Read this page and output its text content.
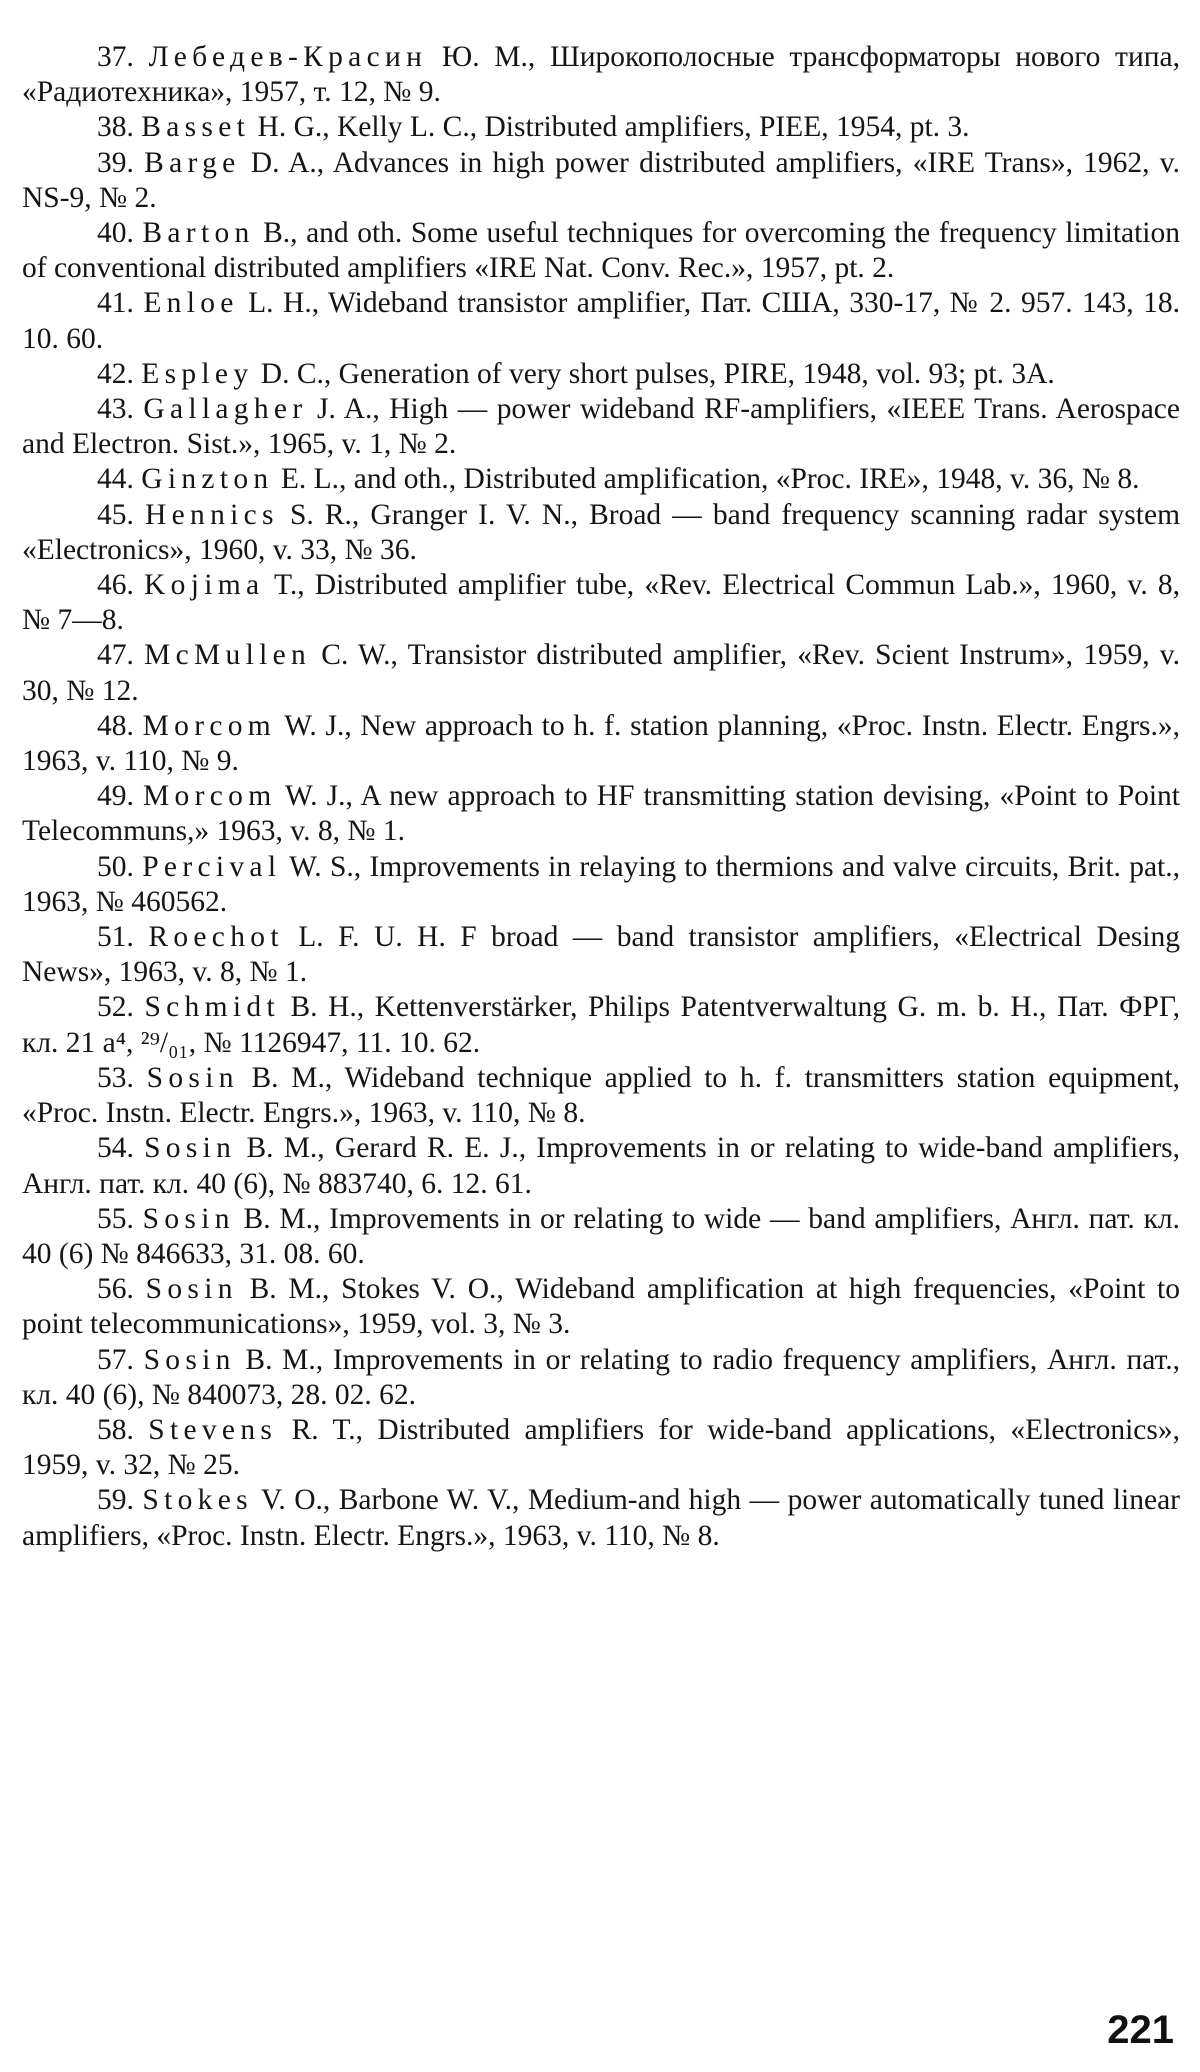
37. Лебедев-Красин Ю. М., Широкополосные трансформаторы нового типа, «Радиотехника», 1957, т. 12, № 9.

38. Basset H. G., Kelly L. C., Distributed amplifiers, PIEE, 1954, pt. 3.

39. Barge D. A., Advances in high power distributed amplifiers, «IRE Trans», 1962, v. NS-9, № 2.

40. Barton B., and oth. Some useful techniques for overcoming the frequency limitation of conventional distributed amplifiers «IRE Nat. Conv. Rec.», 1957, pt. 2.

41. Enloe L. H., Wideband transistor amplifier, Пат. США, 330-17, № 2. 957. 143, 18. 10. 60.

42. Espley D. C., Generation of very short pulses, PIRE, 1948, vol. 93; pt. 3A.

43. Gallagher J. A., High — power wideband RF-amplifiers, «IEEE Trans. Aerospace and Electron. Sist.», 1965, v. 1, № 2.

44. Ginzton E. L., and oth., Distributed amplification, «Proc. IRE», 1948, v. 36, № 8.

45. Hennics S. R., Granger I. V. N., Broad — band frequency scanning radar system «Electronics», 1960, v. 33, № 36.

46. Kojima T., Distributed amplifier tube, «Rev. Electrical Commun Lab.», 1960, v. 8, № 7—8.

47. McMullen C. W., Transistor distributed amplifier, «Rev. Scient Instrum», 1959, v. 30, № 12.

48. Morcom W. J., New approach to h. f. station planning, «Proc. Instn. Electr. Engrs.», 1963, v. 110, № 9.

49. Morcom W. J., A new approach to HF transmitting station devising, «Point to Point Telecommuns,» 1963, v. 8, № 1.

50. Percival W. S., Improvements in relaying to thermions and valve circuits, Brit. pat., 1963, № 460562.

51. Roechot L. F. U. H. F broad — band transistor amplifiers, «Electrical Desing News», 1963, v. 8, № 1.

52. Schmidt B. H., Kettenverstärker, Philips Patentverwaltung G. m. b. H., Пат. ФРГ, кл. 21 a⁴, ²⁹/₀₁, № 1126947, 11. 10. 62.

53. Sosin B. M., Wideband technique applied to h. f. transmitters station equipment, «Proc. Instn. Electr. Engrs.», 1963, v. 110, № 8.

54. Sosin B. M., Gerard R. E. J., Improvements in or relating to wide-band amplifiers, Англ. пат. кл. 40 (6), № 883740, 6. 12. 61.

55. Sosin B. M., Improvements in or relating to wide — band amplifiers, Англ. пат. кл. 40 (6) № 846633, 31. 08. 60.

56. Sosin B. M., Stokes V. O., Wideband amplification at high frequencies, «Point to point telecommunications», 1959, vol. 3, № 3.

57. Sosin B. M., Improvements in or relating to radio frequency amplifiers, Англ. пат., кл. 40 (6), № 840073, 28. 02. 62.

58. Stevens R. T., Distributed amplifiers for wide-band applications, «Electronics», 1959, v. 32, № 25.

59. Stokes V. O., Barbone W. V., Medium-and high — power automatically tuned linear amplifiers, «Proc. Instn. Electr. Engrs.», 1963, v. 110, № 8.

221
